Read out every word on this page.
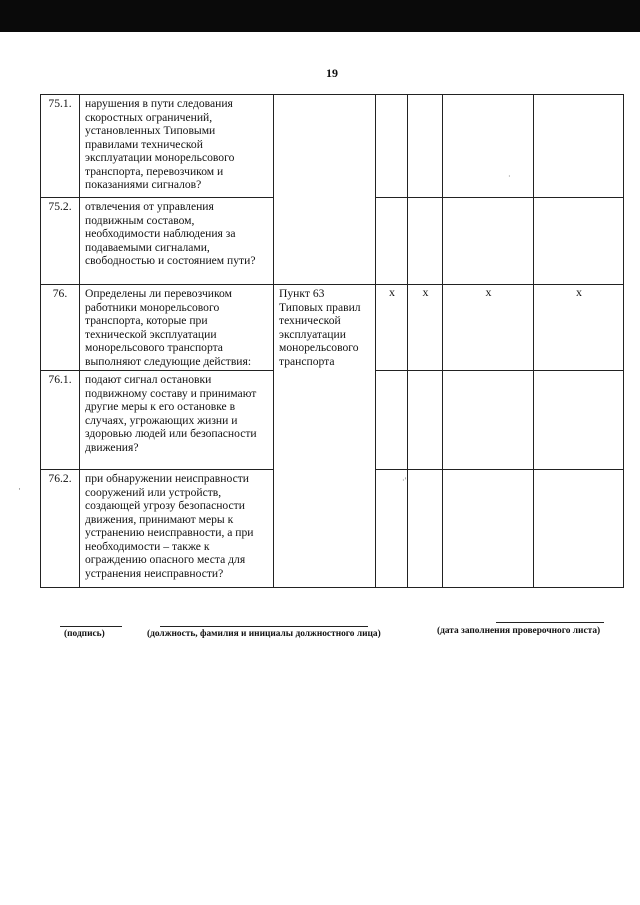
19
75.1.	нарушения в пути следования скоростных ограничений, установленных Типовыми правилами технической эксплуатации монорельсового транспорта, перевозчиком и показаниями сигналов?					
75.2.	отвлечения от управления подвижным составом, необходимости наблюдения за подаваемыми сигналами, свободностью и состоянием пути?					
76.	Определены ли перевозчиком работники монорельсового транспорта, которые при технической эксплуатации монорельсового транспорта выполняют следующие действия:	Пункт 63 Типовых правил технической эксплуатации монорельсового транспорта	x	x	x	x
76.1.	подают сигнал остановки подвижному составу и принимают другие меры к его остановке в случаях, угрожающих жизни и здоровью людей или безопасности движения?					
76.2.	при обнаружении неисправности сооружений или устройств, создающей угрозу безопасности движения, принимают меры к устранению неисправности, а при необходимости – также к ограждению опасного места для устранения неисправности?					
·
·'
·
(подпись)	(должность, фамилия и инициалы должностного лица)	(дата заполнения проверочного листа)
